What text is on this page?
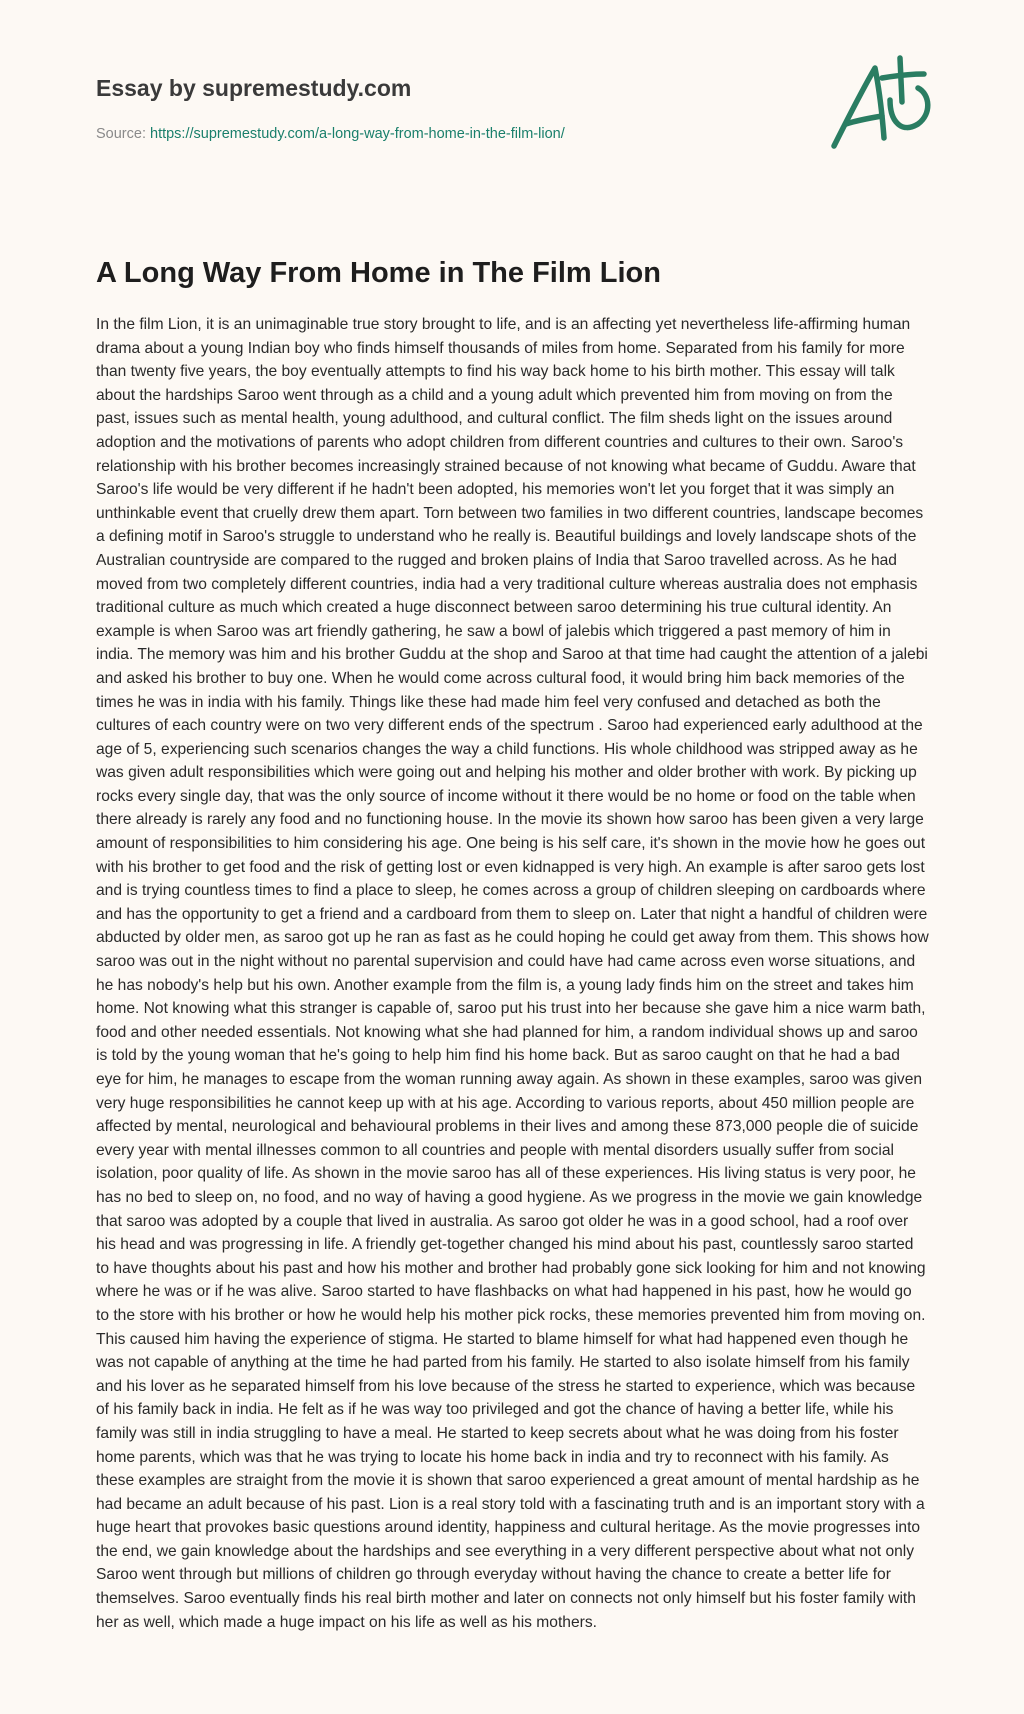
Essay by supremestudy.com
Source: https://supremestudy.com/a-long-way-from-home-in-the-film-lion/
A Long Way From Home in The Film Lion

In the film Lion, it is an unimaginable true story brought to life, and is an affecting yet nevertheless life-affirming human drama about a young Indian boy who finds himself thousands of miles from home. Separated from his family for more than twenty five years, the boy eventually attempts to find his way back home to his birth mother. This essay will talk about the hardships Saroo went through as a child and a young adult which prevented him from moving on from the past, issues such as mental health, young adulthood, and cultural conflict. The film sheds light on the issues around adoption and the motivations of parents who adopt children from different countries and cultures to their own. Saroo's relationship with his brother becomes increasingly strained because of not knowing what became of Guddu. Aware that Saroo's life would be very different if he hadn't been adopted, his memories won't let you forget that it was simply an unthinkable event that cruelly drew them apart. Torn between two families in two different countries, landscape becomes a defining motif in Saroo's struggle to understand who he really is. Beautiful buildings and lovely landscape shots of the Australian countryside are compared to the rugged and broken plains of India that Saroo travelled across. As he had moved from two completely different countries, india had a very traditional culture whereas australia does not emphasis traditional culture as much which created a huge disconnect between saroo determining his true cultural identity. An example is when Saroo was art friendly gathering, he saw a bowl of jalebis which triggered a past memory of him in india. The memory was him and his brother Guddu at the shop and Saroo at that time had caught the attention of a jalebi and asked his brother to buy one. When he would come across cultural food, it would bring him back memories of the times he was in india with his family. Things like these had made him feel very confused and detached as both the cultures of each country were on two very different ends of the spectrum . Saroo had experienced early adulthood at the age of 5, experiencing such scenarios changes the way a child functions. His whole childhood was stripped away as he was given adult responsibilities which were going out and helping his mother and older brother with work. By picking up rocks every single day, that was the only source of income without it there would be no home or food on the table when there already is rarely any food and no functioning house. In the movie its shown how saroo has been given a very large amount of responsibilities to him considering his age. One being is his self care, it's shown in the movie how he goes out with his brother to get food and the risk of getting lost or even kidnapped is very high. An example is after saroo gets lost and is trying countless times to find a place to sleep, he comes across a group of children sleeping on cardboards where and has the opportunity to get a friend and a cardboard from them to sleep on. Later that night a handful of children were abducted by older men, as saroo got up he ran as fast as he could hoping he could get away from them. This shows how saroo was out in the night without no parental supervision and could have had came across even worse situations, and he has nobody's help but his own. Another example from the film is, a young lady finds him on the street and takes him home. Not knowing what this stranger is capable of, saroo put his trust into her because she gave him a nice warm bath, food and other needed essentials. Not knowing what she had planned for him, a random individual shows up and saroo is told by the young woman that he's going to help him find his home back. But as saroo caught on that he had a bad eye for him, he manages to escape from the woman running away again. As shown in these examples, saroo was given very huge responsibilities he cannot keep up with at his age. According to various reports, about 450 million people are affected by mental, neurological and behavioural problems in their lives and among these 873,000 people die of suicide every year with mental illnesses common to all countries and people with mental disorders usually suffer from social isolation, poor quality of life. As shown in the movie saroo has all of these experiences. His living status is very poor, he has no bed to sleep on, no food, and no way of having a good hygiene. As we progress in the movie we gain knowledge that saroo was adopted by a couple that lived in australia. As saroo got older he was in a good school, had a roof over his head and was progressing in life. A friendly get-together changed his mind about his past, countlessly saroo started to have thoughts about his past and how his mother and brother had probably gone sick looking for him and not knowing where he was or if he was alive. Saroo started to have flashbacks on what had happened in his past, how he would go to the store with his brother or how he would help his mother pick rocks, these memories prevented him from moving on. This caused him having the experience of stigma. He started to blame himself for what had happened even though he was not capable of anything at the time he had parted from his family. He started to also isolate himself from his family and his lover as he separated himself from his love because of the stress he started to experience, which was because of his family back in india. He felt as if he was way too privileged and got the chance of having a better life, while his family was still in india struggling to have a meal. He started to keep secrets about what he was doing from his foster home parents, which was that he was trying to locate his home back in india and try to reconnect with his family. As these examples are straight from the movie it is shown that saroo experienced a great amount of mental hardship as he had became an adult because of his past. Lion is a real story told with a fascinating truth and is an important story with a huge heart that provokes basic questions around identity, happiness and cultural heritage. As the movie progresses into the end, we gain knowledge about the hardships and see everything in a very different perspective about what not only Saroo went through but millions of children go through everyday without having the chance to create a better life for themselves. Saroo eventually finds his real birth mother and later on connects not only himself but his foster family with her as well, which made a huge impact on his life as well as his mothers.
